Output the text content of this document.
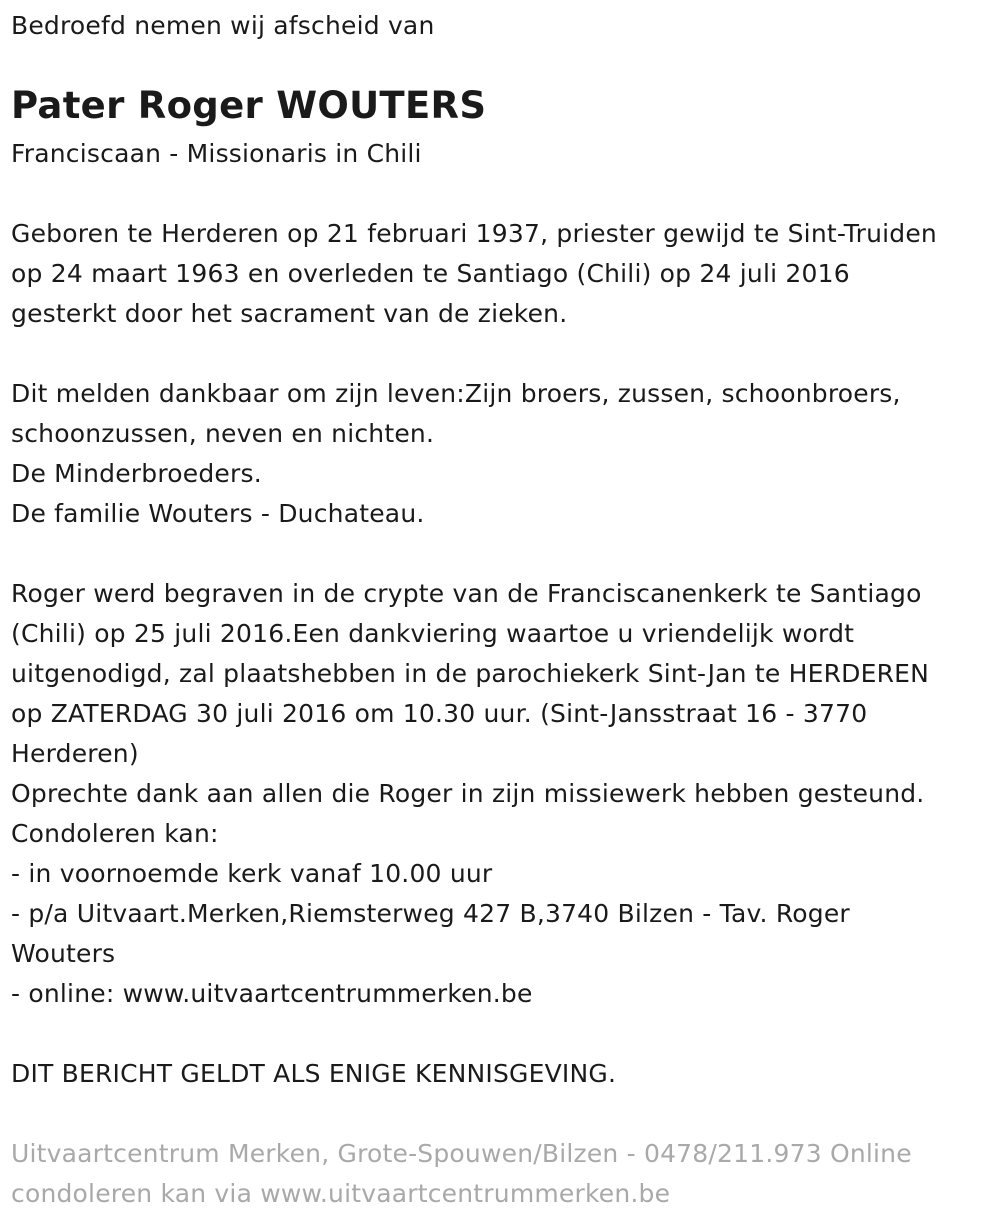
Bedroefd nemen wij afscheid van
Pater Roger WOUTERS
Franciscaan - Missionaris in Chili
Geboren te Herderen op 21 februari 1937, priester gewijd te Sint-Truiden
op 24 maart 1963 en overleden te Santiago (Chili) op 24 juli 2016
gesterkt door het sacrament van de zieken.
Dit melden dankbaar om zijn leven:Zijn broers, zussen, schoonbroers,
schoonzussen, neven en nichten.
De Minderbroeders.
De familie Wouters - Duchateau.
Roger werd begraven in de crypte van de Franciscanenkerk te Santiago
(Chili) op 25 juli 2016.Een dankviering waartoe u vriendelijk wordt
uitgenodigd, zal plaatshebben in de parochiekerk Sint-Jan te HERDEREN
op ZATERDAG 30 juli 2016 om 10.30 uur. (Sint-Jansstraat 16 - 3770
Herderen)
Oprechte dank aan allen die Roger in zijn missiewerk hebben gesteund.
Condoleren kan:
- in voornoemde kerk vanaf 10.00 uur
- p/a Uitvaart.Merken,Riemsterweg 427 B,3740 Bilzen - Tav. Roger
Wouters
- online: www.uitvaartcentrummerken.be
DIT BERICHT GELDT ALS ENIGE KENNISGEVING.
Uitvaartcentrum Merken, Grote-Spouwen/Bilzen - 0478/211.973 Online
condoleren kan via www.uitvaartcentrummerken.be
